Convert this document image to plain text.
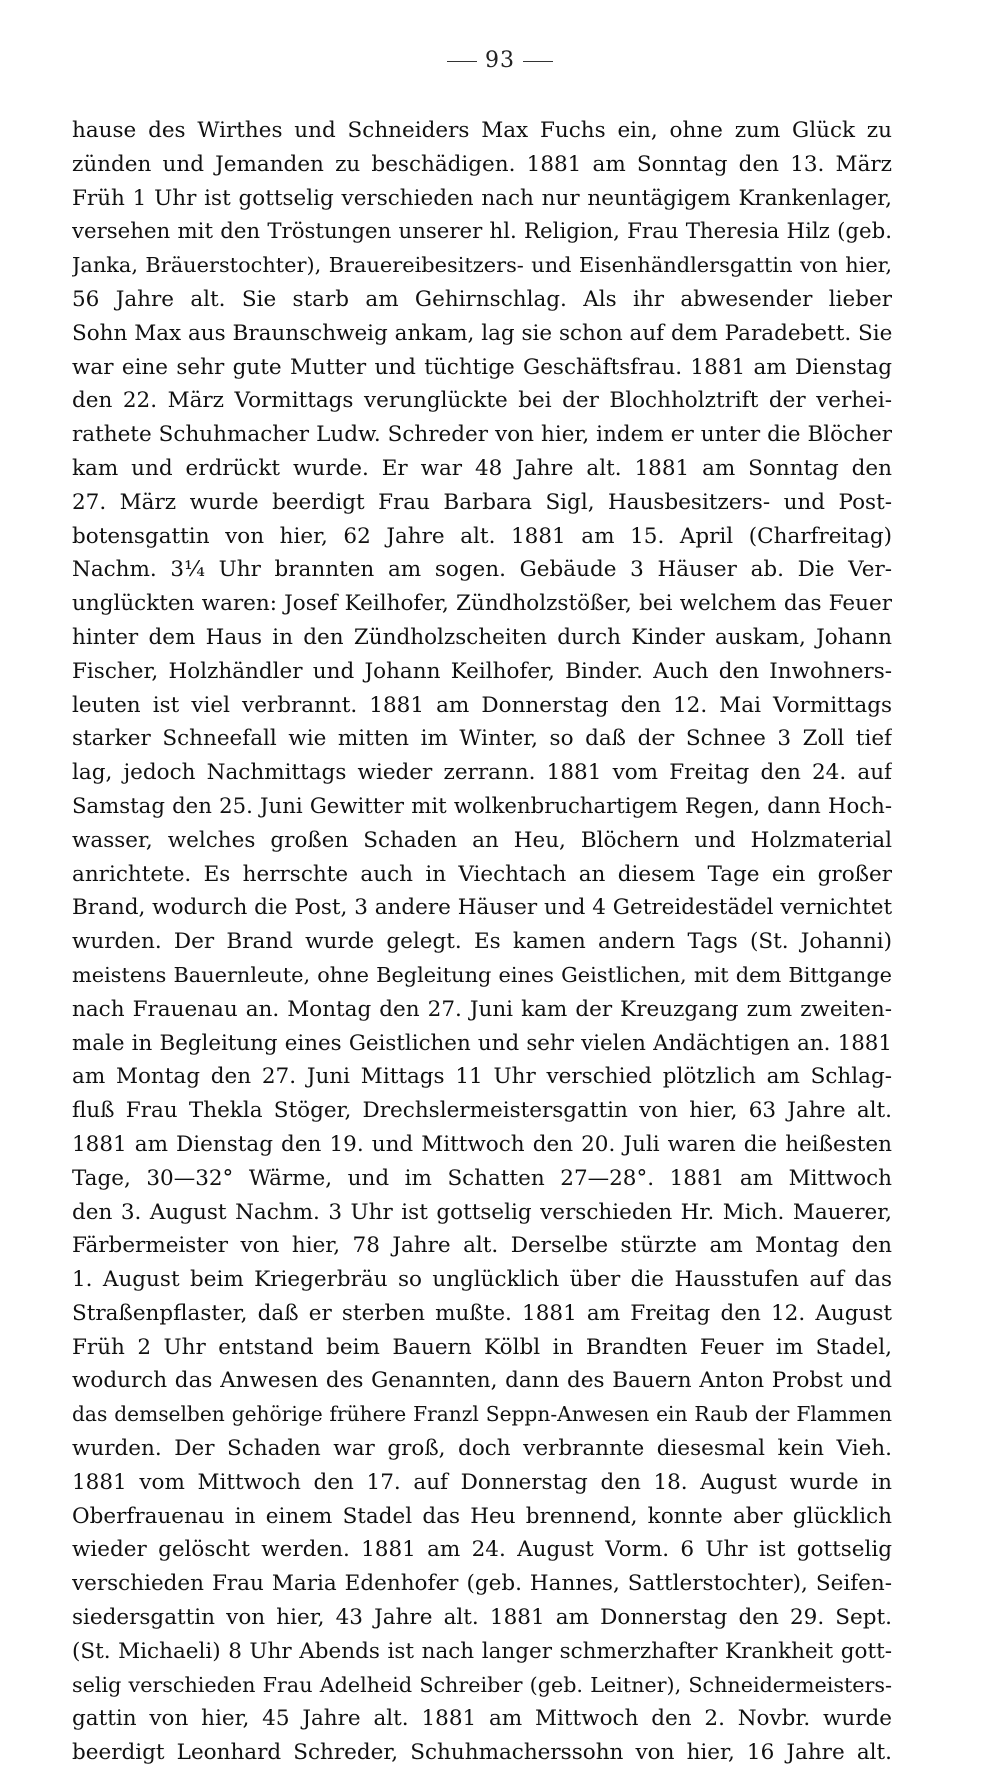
93
hause des Wirthes und Schneiders Max Fuchs ein, ohne zum Glück zu
zünden und Jemanden zu beschädigen. 1881 am Sonntag den 13. März
Früh 1 Uhr ist gottselig verschieden nach nur neuntägigem Krankenlager,
versehen mit den Tröstungen unserer hl. Religion, Frau Theresia Hilz (geb.
Janka, Bräuerstochter), Brauereibesitzers- und Eisenhändlersgattin von hier,
56 Jahre alt. Sie starb am Gehirnschlag. Als ihr abwesender lieber
Sohn Max aus Braunschweig ankam, lag sie schon auf dem Paradebett. Sie
war eine sehr gute Mutter und tüchtige Geschäftsfrau. 1881 am Dienstag
den 22. März Vormittags verunglückte bei der Blochholztrift der verhei-
rathete Schuhmacher Ludw. Schreder von hier, indem er unter die Blöcher
kam und erdrückt wurde. Er war 48 Jahre alt. 1881 am Sonntag den
27. März wurde beerdigt Frau Barbara Sigl, Hausbesitzers- und Post-
botensgattin von hier, 62 Jahre alt. 1881 am 15. April (Charfreitag)
Nachm. 3¼ Uhr brannten am sogen. Gebäude 3 Häuser ab. Die Ver-
unglückten waren: Josef Keilhofer, Zündholzstößer, bei welchem das Feuer
hinter dem Haus in den Zündholzscheiten durch Kinder auskam, Johann
Fischer, Holzhändler und Johann Keilhofer, Binder. Auch den Inwohners-
leuten ist viel verbrannt. 1881 am Donnerstag den 12. Mai Vormittags
starker Schneefall wie mitten im Winter, so daß der Schnee 3 Zoll tief
lag, jedoch Nachmittags wieder zerrann. 1881 vom Freitag den 24. auf
Samstag den 25. Juni Gewitter mit wolkenbruchartigem Regen, dann Hoch-
wasser, welches großen Schaden an Heu, Blöchern und Holzmaterial
anrichtete. Es herrschte auch in Viechtach an diesem Tage ein großer
Brand, wodurch die Post, 3 andere Häuser und 4 Getreidestädel vernichtet
wurden. Der Brand wurde gelegt. Es kamen andern Tags (St. Johanni)
meistens Bauernleute, ohne Begleitung eines Geistlichen, mit dem Bittgange
nach Frauenau an. Montag den 27. Juni kam der Kreuzgang zum zweiten-
male in Begleitung eines Geistlichen und sehr vielen Andächtigen an. 1881
am Montag den 27. Juni Mittags 11 Uhr verschied plötzlich am Schlag-
fluß Frau Thekla Stöger, Drechslermeistersgattin von hier, 63 Jahre alt.
1881 am Dienstag den 19. und Mittwoch den 20. Juli waren die heißesten
Tage, 30—32° Wärme, und im Schatten 27—28°. 1881 am Mittwoch
den 3. August Nachm. 3 Uhr ist gottselig verschieden Hr. Mich. Mauerer,
Färbermeister von hier, 78 Jahre alt. Derselbe stürzte am Montag den
1. August beim Kriegerbräu so unglücklich über die Hausstufen auf das
Straßenpflaster, daß er sterben mußte. 1881 am Freitag den 12. August
Früh 2 Uhr entstand beim Bauern Kölbl in Brandten Feuer im Stadel,
wodurch das Anwesen des Genannten, dann des Bauern Anton Probst und
das demselben gehörige frühere Franzl Seppn-Anwesen ein Raub der Flammen
wurden. Der Schaden war groß, doch verbrannte diesesmal kein Vieh.
1881 vom Mittwoch den 17. auf Donnerstag den 18. August wurde in
Oberfrauenau in einem Stadel das Heu brennend, konnte aber glücklich
wieder gelöscht werden. 1881 am 24. August Vorm. 6 Uhr ist gottselig
verschieden Frau Maria Edenhofer (geb. Hannes, Sattlerstochter), Seifen-
siedersgattin von hier, 43 Jahre alt. 1881 am Donnerstag den 29. Sept.
(St. Michaeli) 8 Uhr Abends ist nach langer schmerzhafter Krankheit gott-
selig verschieden Frau Adelheid Schreiber (geb. Leitner), Schneidermeisters-
gattin von hier, 45 Jahre alt. 1881 am Mittwoch den 2. Novbr. wurde
beerdigt Leonhard Schreder, Schuhmacherssohn von hier, 16 Jahre alt.
